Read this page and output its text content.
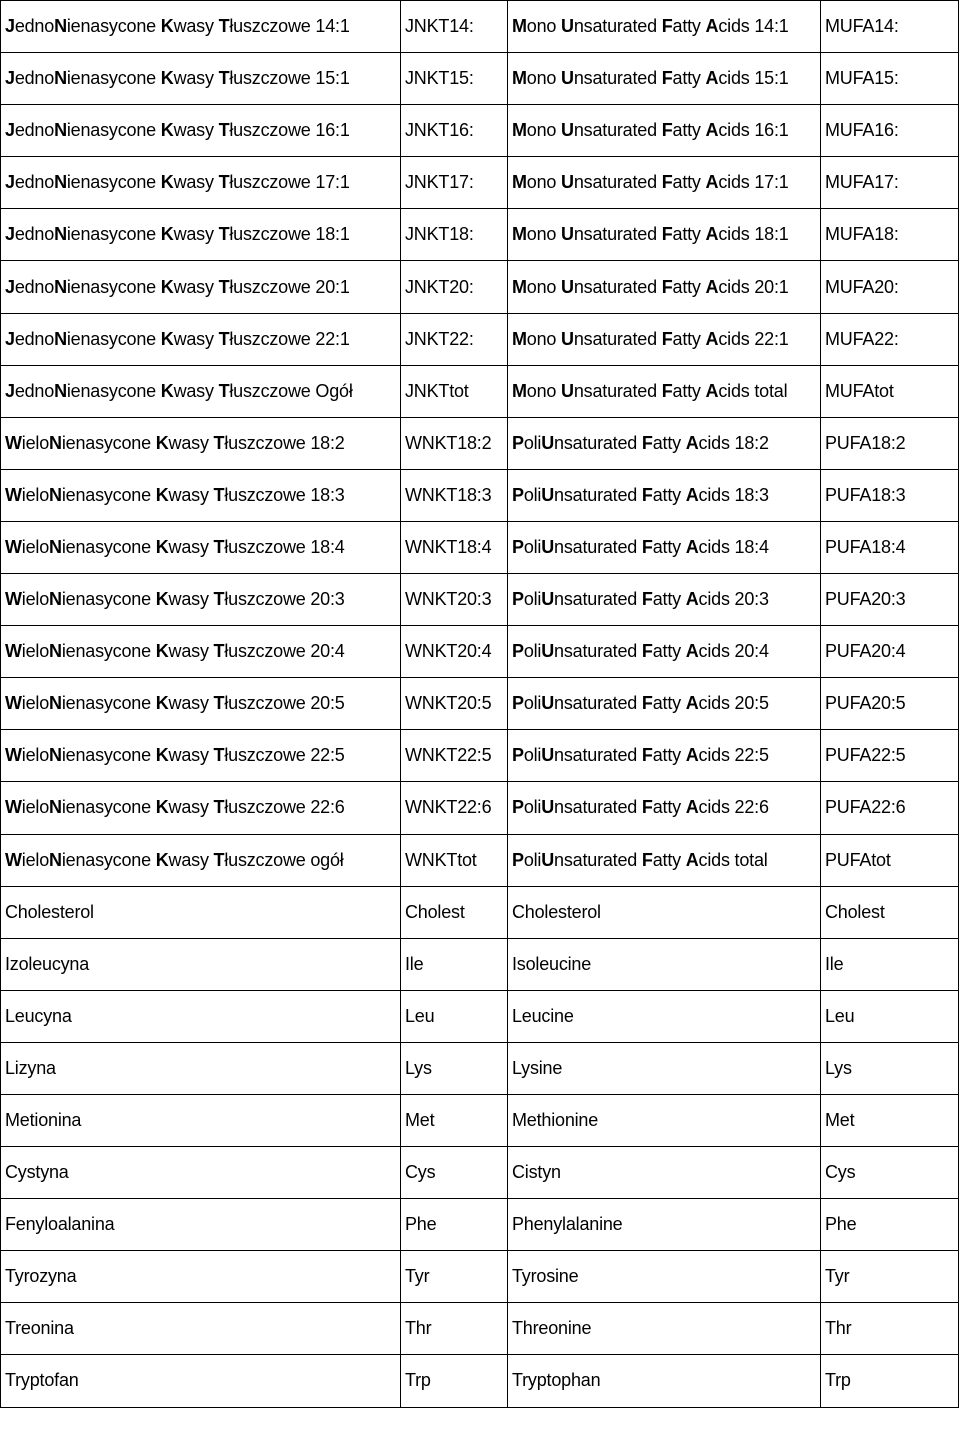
JednoNienasycone Kwasy Tłuszczowe 14:1	JNKT14:	Mono Unsaturated Fatty Acids 14:1	MUFA14:
JednoNienasycone Kwasy Tłuszczowe 15:1	JNKT15:	Mono Unsaturated Fatty Acids 15:1	MUFA15:
JednoNienasycone Kwasy Tłuszczowe 16:1	JNKT16:	Mono Unsaturated Fatty Acids 16:1	MUFA16:
JednoNienasycone Kwasy Tłuszczowe 17:1	JNKT17:	Mono Unsaturated Fatty Acids 17:1	MUFA17:
JednoNienasycone Kwasy Tłuszczowe 18:1	JNKT18:	Mono Unsaturated Fatty Acids 18:1	MUFA18:
JednoNienasycone Kwasy Tłuszczowe 20:1	JNKT20:	Mono Unsaturated Fatty Acids 20:1	MUFA20:
JednoNienasycone Kwasy Tłuszczowe 22:1	JNKT22:	Mono Unsaturated Fatty Acids 22:1	MUFA22:
JednoNienasycone Kwasy Tłuszczowe Ogół	JNKTtot	Mono Unsaturated Fatty Acids total	MUFAtot
WieloNienasycone Kwasy Tłuszczowe 18:2	WNKT18:2	PoliUnsaturated Fatty Acids 18:2	PUFA18:2
WieloNienasycone Kwasy Tłuszczowe 18:3	WNKT18:3	PoliUnsaturated Fatty Acids 18:3	PUFA18:3
WieloNienasycone Kwasy Tłuszczowe 18:4	WNKT18:4	PoliUnsaturated Fatty Acids 18:4	PUFA18:4
WieloNienasycone Kwasy Tłuszczowe 20:3	WNKT20:3	PoliUnsaturated Fatty Acids 20:3	PUFA20:3
WieloNienasycone Kwasy Tłuszczowe 20:4	WNKT20:4	PoliUnsaturated Fatty Acids 20:4	PUFA20:4
WieloNienasycone Kwasy Tłuszczowe 20:5	WNKT20:5	PoliUnsaturated Fatty Acids 20:5	PUFA20:5
WieloNienasycone Kwasy Tłuszczowe 22:5	WNKT22:5	PoliUnsaturated Fatty Acids 22:5	PUFA22:5
WieloNienasycone Kwasy Tłuszczowe 22:6	WNKT22:6	PoliUnsaturated Fatty Acids 22:6	PUFA22:6
WieloNienasycone Kwasy Tłuszczowe ogół	WNKTtot	PoliUnsaturated Fatty Acids total	PUFAtot
Cholesterol	Cholest	Cholesterol	Cholest
Izoleucyna	Ile	Isoleucine	Ile
Leucyna	Leu	Leucine	Leu
Lizyna	Lys	Lysine	Lys
Metionina	Met	Methionine	Met
Cystyna	Cys	Cistyn	Cys
Fenyloalanina	Phe	Phenylalanine	Phe
Tyrozyna	Tyr	Tyrosine	Tyr
Treonina	Thr	Threonine	Thr
Tryptofan	Trp	Tryptophan	Trp
